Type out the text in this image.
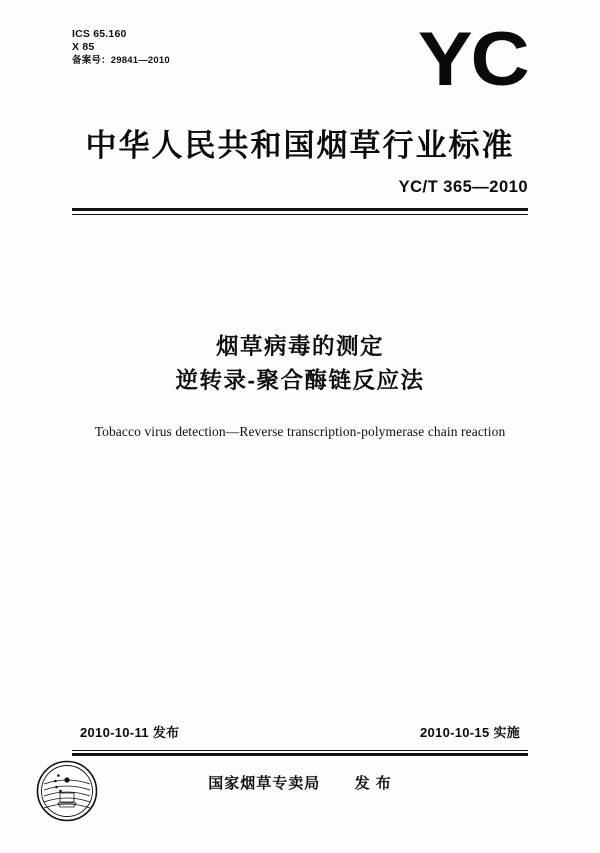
ICS 65.160
X 85
备案号：29841—2010	YC
中华人民共和国烟草行业标准
YC/T 365—2010
烟草病毒的测定
逆转录-聚合酶链反应法
Tobacco virus detection—Reverse transcription-polymerase chain reaction
2010-10-11 发布	2010-10-15 实施
国家烟草专卖局 发 布
